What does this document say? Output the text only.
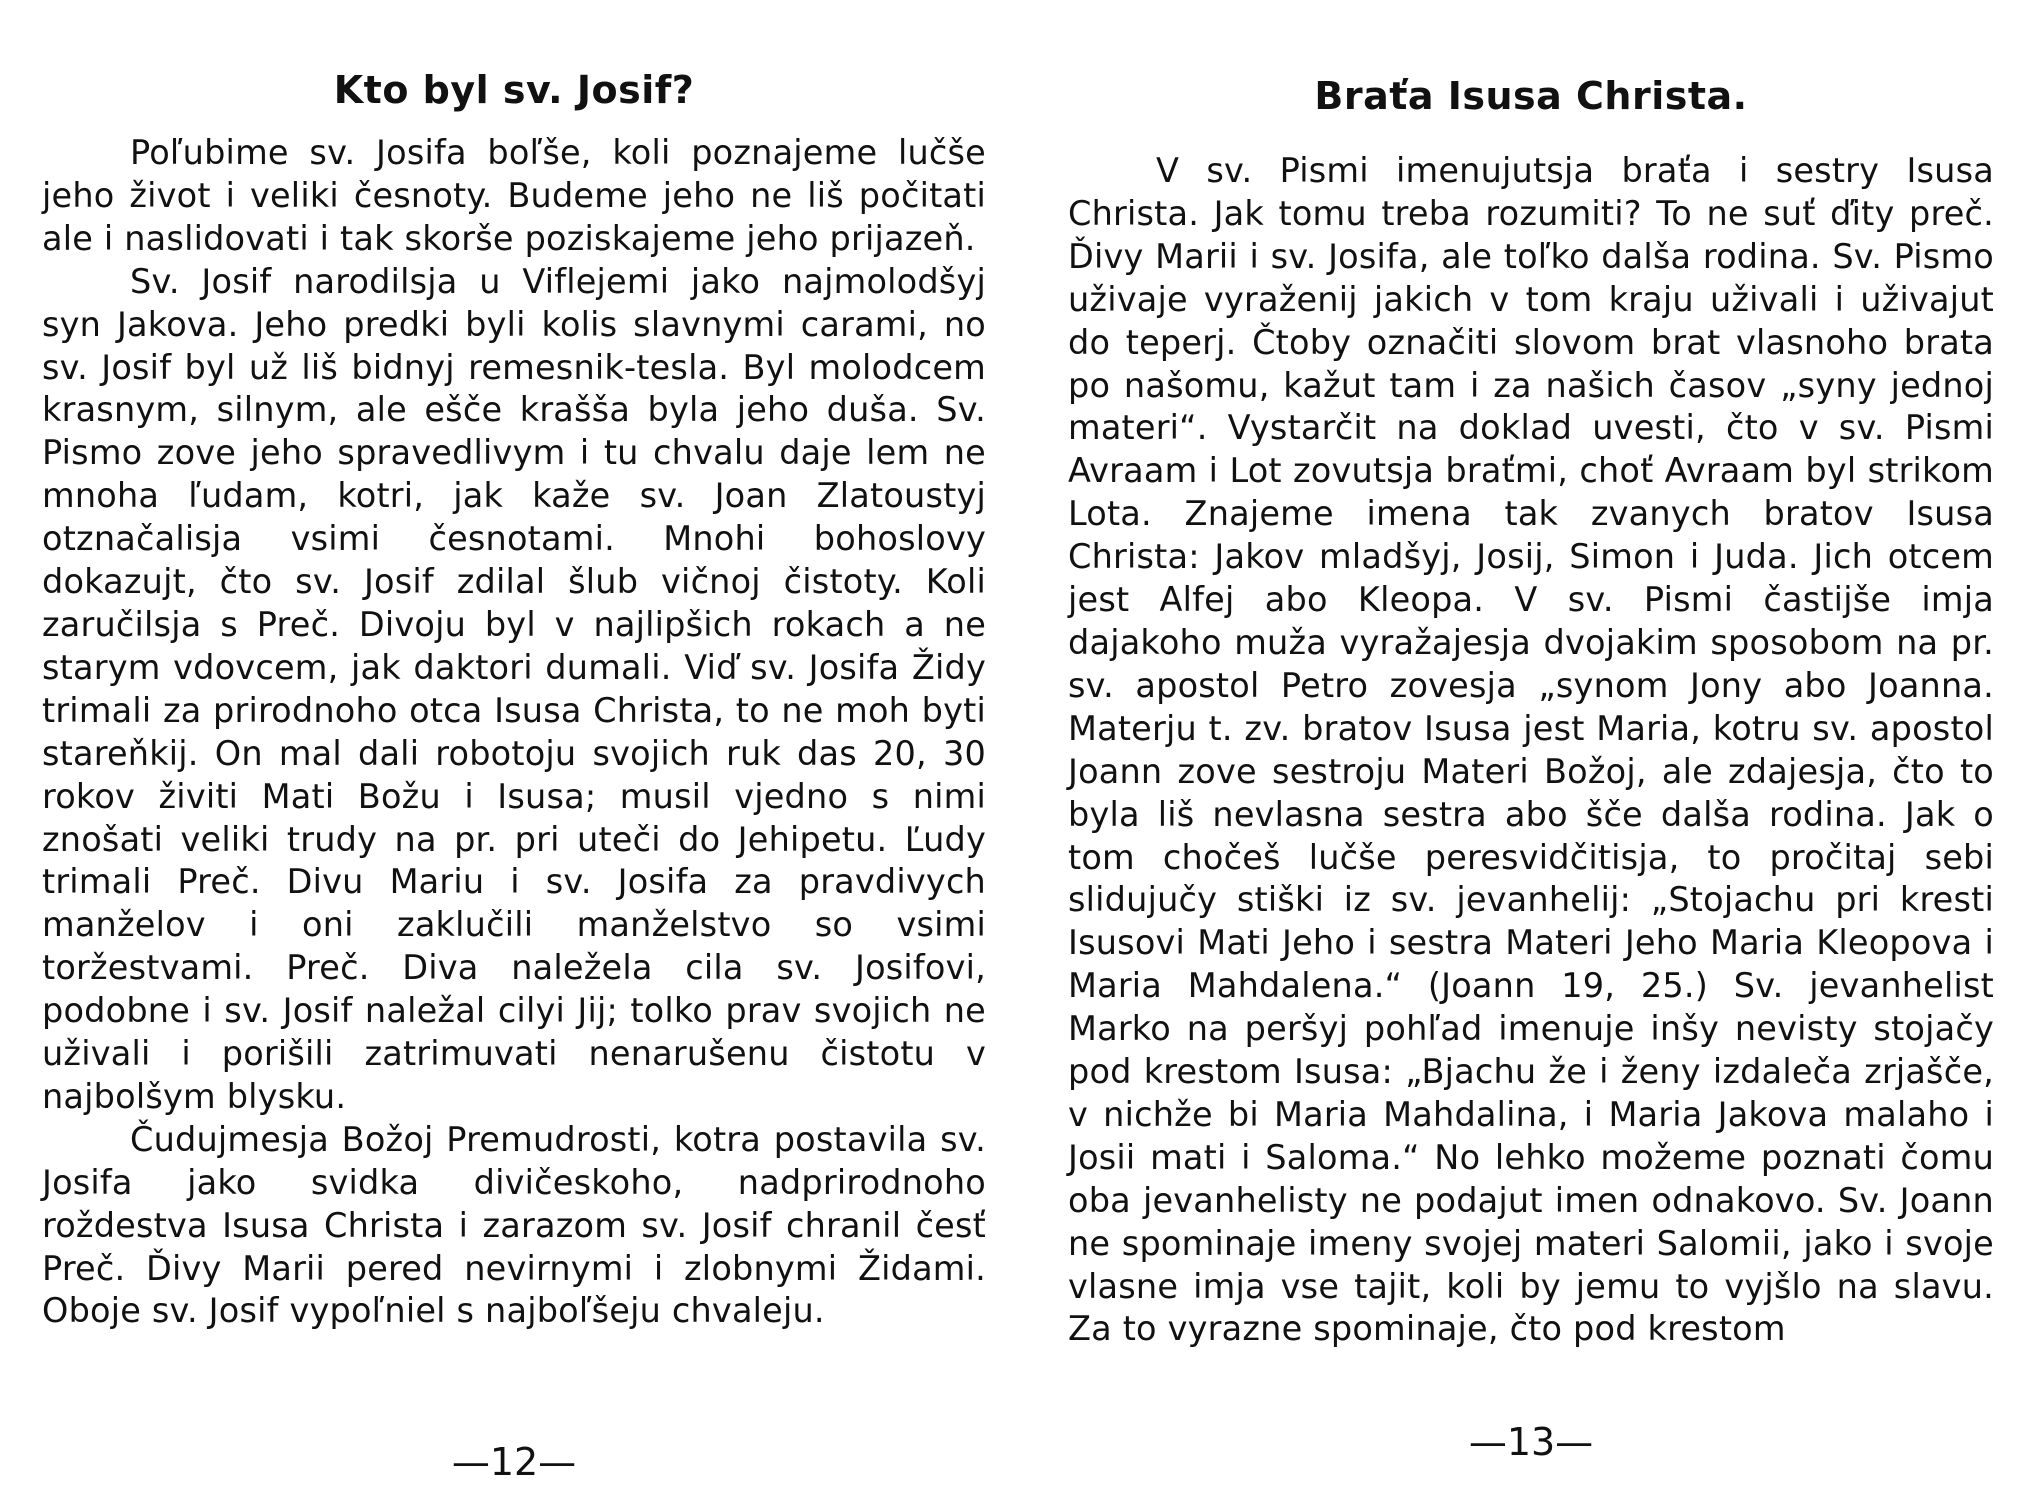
Kto byl sv. Josif?

Poľubime sv. Josifa boľše, koli poznajeme lučše jeho život i veliki česnoty. Budeme jeho ne liš počitati ale i naslidovati i tak skorše poziskajeme jeho prijazeň.

Sv. Josif narodilsja u Viflejemi jako najmolodšyj syn Jakova. Jeho predki byli kolis slavnymi carami, no sv. Josif byl už liš bidnyj remesnik-tesla. Byl molodcem krasnym, silnym, ale ešče krašša byla jeho duša. Sv. Pismo zove jeho spravedlivym i tu chvalu daje lem ne mnoha ľudam, kotri, jak kaže sv. Joan Zlatoustyj otznačalisja vsimi česnotami. Mnohi bohoslovy dokazujt, čto sv. Josif zdilal šlub vičnoj čistoty. Koli zaručilsja s Preč. Divoju byl v najlipšich rokach a ne starym vdovcem, jak daktori dumali. Viď sv. Josifa Židy trimali za prirodnoho otca Isusa Christa, to ne moh byti stareňkij. On mal dali robotoju svojich ruk das 20, 30 rokov živiti Mati Božu i Isusa; musil vjedno s nimi znošati veliki trudy na pr. pri uteči do Jehipetu. Ľudy trimali Preč. Divu Mariu i sv. Josifa za pravdivych manželov i oni zaklučili manželstvo so vsimi toržestvami. Preč. Diva naležela cila sv. Josifovi, podobne i sv. Josif naležal cilyi Jij; tolko prav svojich ne uživali i porišili zatrimuvati nenarušenu čistotu v najbolšym blysku.

Čudujmesja Božoj Premudrosti, kotra postavila sv. Josifa jako svidka divičeskoho, nadprirodnoho roždestva Isusa Christa i zarazom sv. Josif chranil česť Preč. Ďivy Marii pered nevirnymi i zlobnymi Židami. Oboje sv. Josif vypoľniel s najboľšeju chvaleju.

—12—
Braťa Isusa Christa.

V sv. Pismi imenujutsja braťa i sestry Isusa Christa. Jak tomu treba rozumiti? To ne suť ďity preč. Ďivy Marii i sv. Josifa, ale toľko dalša rodina. Sv. Pismo uživaje vyraženij jakich v tom kraju uživali i uživajut do teperj. Čtoby označiti slovom brat vlasnoho brata po našomu, kažut tam i za našich časov „syny jednoj materi“. Vystarčit na doklad uvesti, čto v sv. Pismi Avraam i Lot zovutsja braťmi, choť Avraam byl strikom Lota. Znajeme imena tak zvanych bratov Isusa Christa: Jakov mladšyj, Josij, Simon i Juda. Jich otcem jest Alfej abo Kleopa. V sv. Pismi častijše imja dajakoho muža vyražajesja dvojakim sposobom na pr. sv. apostol Petro zovesja „synom Jony abo Joanna. Materju t. zv. bratov Isusa jest Maria, kotru sv. apostol Joann zove sestroju Materi Božoj, ale zdajesja, čto to byla liš nevlasna sestra abo šče dalša rodina. Jak o tom chočeš lučše peresvidčitisja, to pročitaj sebi slidujučy stiški iz sv. jevanhelij: „Stojachu pri kresti Isusovi Mati Jeho i sestra Materi Jeho Maria Kleopova i Maria Mahdalena.“ (Joann 19, 25.) Sv. jevanhelist Marko na peršyj pohľad imenuje inšy nevisty stojačy pod krestom Isusa: „Bjachu že i ženy izdaleča zrjašče, v nichže bi Maria Mahdalina, i Maria Jakova malaho i Josii mati i Saloma.“ No lehko možeme poznati čomu oba jevanhelisty ne podajut imen odnakovo. Sv. Joann ne spominaje imeny svojej materi Salomii, jako i svoje vlasne imja vse tajit, koli by jemu to vyjšlo na slavu. Za to vyrazne spominaje, čto pod krestom

—13—
